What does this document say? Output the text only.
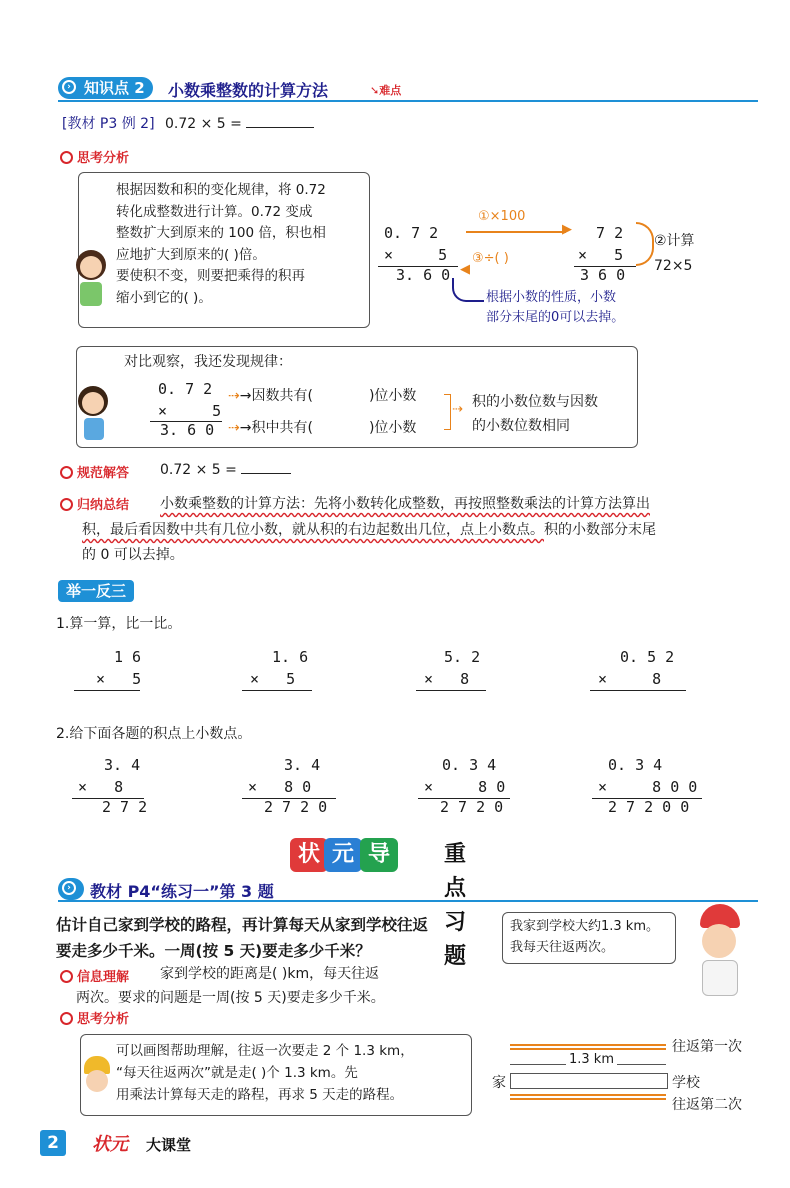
› 知识点 2	小数乘整数的计算方法	➘难点
[教材 P3 例 2] 0.72 × 5 =
思考分析
根据因数和积的变化规律，将 0.72
转化成整数进行计算。0.72 变成
整数扩大到原来的 100 倍，积也相
应地扩大到原来的( )倍。
要使积不变，则要把乘得的积再
缩小到它的( )。
0. 7 2
×     5
3. 6 0
①×100
▶
③÷( )
◀
7 2
×   5
3 6 0
②计算
72×5
根据小数的性质，小数
部分末尾的0可以去掉。
对比观察，我还发现规律：
0. 7 2
×     5
3. 6 0
⇢→因数共有(	)位小数
⇢→积中共有(	)位小数
⇢ 积的小数位数与因数
的小数位数相同
规范解答 0.72 × 5 =
归纳总结 小数乘整数的计算方法：先将小数转化成整数，再按照整数乘法的计算方法算出
积，最后看因数中共有几位小数，就从积的右边起数出几位，点上小数点。积的小数部分末尾
的 0 可以去掉。
举一反三
1.算一算，比一比。
1 6
×   5
1. 6
×   5
5. 2
×   8
0. 5 2
×     8
2.给下面各题的积点上小数点。
3. 4
×   8
2 7 2
3. 4
×   8 0
2 7 2 0
0. 3 4
×     8 0
2 7 2 0
0. 3 4
×     8 0 0
2 7 2 0 0
状 元 导学
重点习题
›	教材 P4“练习一”第 3 题
估计自己家到学校的路程，再计算每天从家到学校往返
要走多少千米。一周(按 5 天)要走多少千米？
我家到学校大约1.3 km。
我每天往返两次。
信息理解 家到学校的距离是( )km，每天往返
两次。要求的问题是一周(按 5 天)要走多少千米。
思考分析
可以画图帮助理解，往返一次要走 2 个 1.3 km，
“每天往返两次”就是走( )个 1.3 km。先
用乘法计算每天走的路程，再求 5 天走的路程。
1.3 km
家	学校
往返第一次
往返第二次
2	状元 大课堂
